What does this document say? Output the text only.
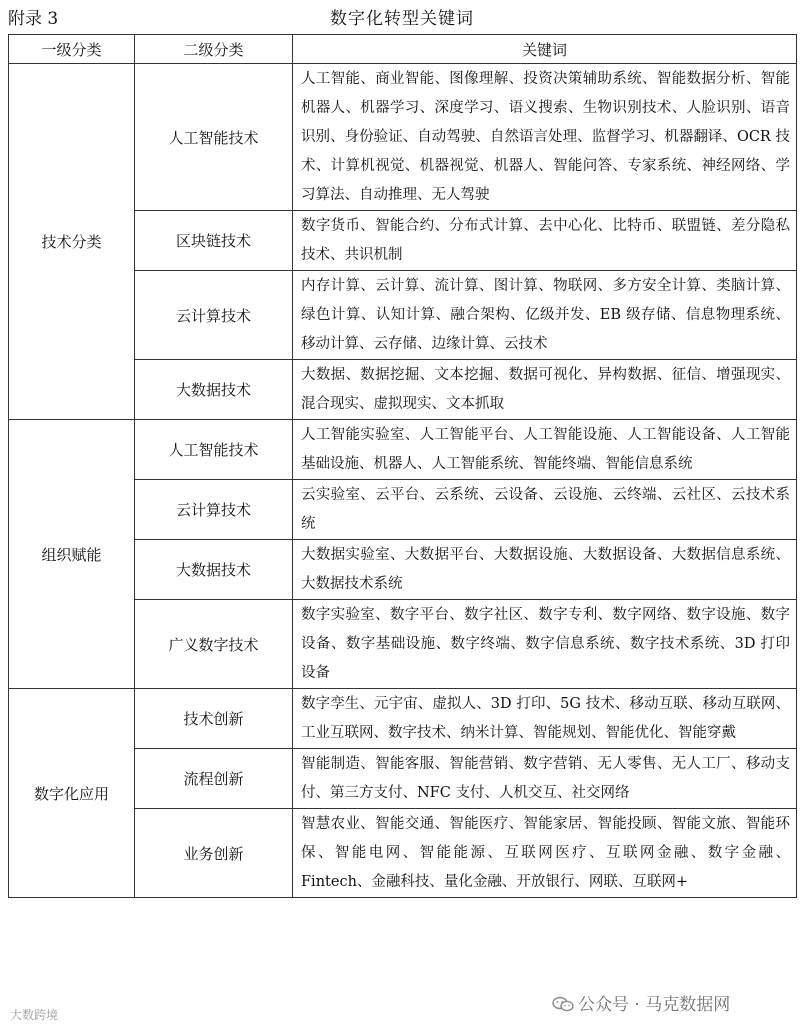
附录 3	数字化转型关键词
一级分类	二级分类	关键词
技术分类	人工智能技术	人工智能、商业智能、图像理解、投资决策辅助系统、智能数据分析、智能机器人、机器学习、深度学习、语义搜索、生物识别技术、人脸识别、语音识别、身份验证、自动驾驶、自然语言处理、监督学习、机器翻译、OCR 技术、计算机视觉、机器视觉、机器人、智能问答、专家系统、神经网络、学习算法、自动推理、无人驾驶
	区块链技术	数字货币、智能合约、分布式计算、去中心化、比特币、联盟链、差分隐私技术、共识机制
	云计算技术	内存计算、云计算、流计算、图计算、物联网、多方安全计算、类脑计算、绿色计算、认知计算、融合架构、亿级并发、EB 级存储、信息物理系统、移动计算、云存储、边缘计算、云技术
	大数据技术	大数据、数据挖掘、文本挖掘、数据可视化、异构数据、征信、增强现实、混合现实、虚拟现实、文本抓取
组织赋能	人工智能技术	人工智能实验室、人工智能平台、人工智能设施、人工智能设备、人工智能基础设施、机器人、人工智能系统、智能终端、智能信息系统
	云计算技术	云实验室、云平台、云系统、云设备、云设施、云终端、云社区、云技术系统
	大数据技术	大数据实验室、大数据平台、大数据设施、大数据设备、大数据信息系统、大数据技术系统
	广义数字技术	数字实验室、数字平台、数字社区、数字专利、数字网络、数字设施、数字设备、数字基础设施、数字终端、数字信息系统、数字技术系统、3D 打印设备
数字化应用	技术创新	数字孪生、元宇宙、虚拟人、3D 打印、5G 技术、移动互联、移动互联网、工业互联网、数字技术、纳米计算、智能规划、智能优化、智能穿戴
	流程创新	智能制造、智能客服、智能营销、数字营销、无人零售、无人工厂、移动支付、第三方支付、NFC 支付、人机交互、社交网络
	业务创新	智慧农业、智能交通、智能医疗、智能家居、智能投顾、智能文旅、智能环保、智能电网、智能能源、互联网医疗、互联网金融、数字金融、Fintech、金融科技、量化金融、开放银行、网联、互联网+
大数跨境	公众号 · 马克数据网
